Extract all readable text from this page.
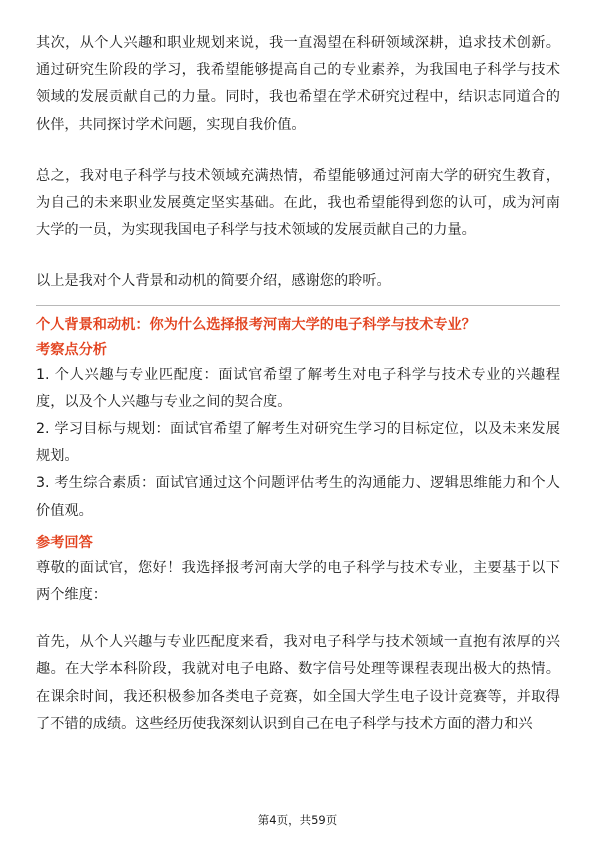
其次，从个人兴趣和职业规划来说，我一直渴望在科研领域深耕，追求技术创新。通过研究生阶段的学习，我希望能够提高自己的专业素养，为我国电子科学与技术领域的发展贡献自己的力量。同时，我也希望在学术研究过程中，结识志同道合的伙伴，共同探讨学术问题，实现自我价值。

总之，我对电子科学与技术领域充满热情，希望能够通过河南大学的研究生教育，为自己的未来职业发展奠定坚实基础。在此，我也希望能得到您的认可，成为河南大学的一员，为实现我国电子科学与技术领域的发展贡献自己的力量。

以上是我对个人背景和动机的简要介绍，感谢您的聆听。

个人背景和动机：你为什么选择报考河南大学的电子科学与技术专业？

考察点分析

1. 个人兴趣与专业匹配度：面试官希望了解考生对电子科学与技术专业的兴趣程度，以及个人兴趣与专业之间的契合度。

2. 学习目标与规划：面试官希望了解考生对研究生学习的目标定位，以及未来发展规划。

3. 考生综合素质：面试官通过这个问题评估考生的沟通能力、逻辑思维能力和个人价值观。

参考回答

尊敬的面试官，您好！我选择报考河南大学的电子科学与技术专业，主要基于以下两个维度：

首先，从个人兴趣与专业匹配度来看，我对电子科学与技术领域一直抱有浓厚的兴趣。在大学本科阶段，我就对电子电路、数字信号处理等课程表现出极大的热情。在课余时间，我还积极参加各类电子竞赛，如全国大学生电子设计竞赛等，并取得了不错的成绩。这些经历使我深刻认识到自己在电子科学与技术方面的潜力和兴

第4页，共59页
